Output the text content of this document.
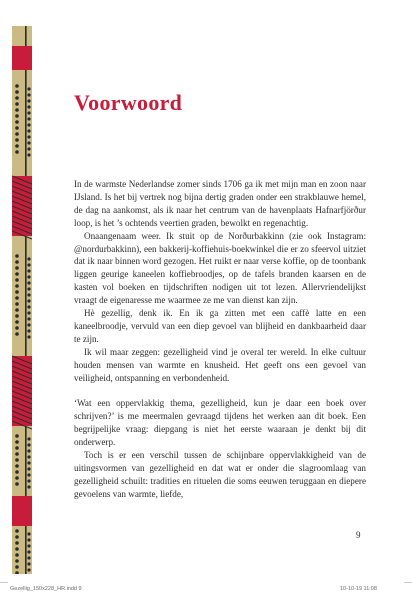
Voorwoord

In de warmste Nederlandse zomer sinds 1706 ga ik met mijn man en zoon naar IJsland. Is het bij vertrek nog bijna dertig graden onder een strakblauwe hemel, de dag na aankomst, als ik naar het centrum van de havenplaats Hafnarfjörður loop, is het ’s ochtends veertien graden, bewolkt en regenachtig.

Onaangenaam weer. Ik stuit op de Norðurbakkinn (zie ook Instagram: @nordurbakkinn), een bakkerij-koffiehuis-boekwinkel die er zo sfeervol uitziet dat ik naar binnen word gezogen. Het ruikt er naar verse koffie, op de toonbank liggen geurige kaneelen koffiebroodjes, op de tafels branden kaarsen en de kasten vol boeken en tijdschriften nodigen uit tot lezen. Allervriendelijkst vraagt de eigenaresse me waarmee ze me van dienst kan zijn.

Hè gezellig, denk ik. En ik ga zitten met een caffè latte en een kaneelbroodje, vervuld van een diep gevoel van blijheid en dankbaarheid daar te zijn.

Ik wil maar zeggen: gezelligheid vind je overal ter wereld. In elke cultuur houden mensen van warmte en knusheid. Het geeft ons een gevoel van veiligheid, ontspanning en verbondenheid.

‘Wat een oppervlakkig thema, gezelligheid, kun je daar een boek over schrijven?’ is me meermalen gevraagd tijdens het werken aan dit boek. Een begrijpelijke vraag: diepgang is niet het eerste waaraan je denkt bij dit onderwerp.

Toch is er een verschil tussen de schijnbare oppervlakkigheid van de uitingsvormen van gezelligheid en dat wat er onder die slagroomlaag van gezelligheid schuilt: tradities en rituelen die soms eeuwen teruggaan en diepere gevoelens van warmte, liefde,

9
Gezellig_150x228_HR.indd 9	10-10-19 11:08
